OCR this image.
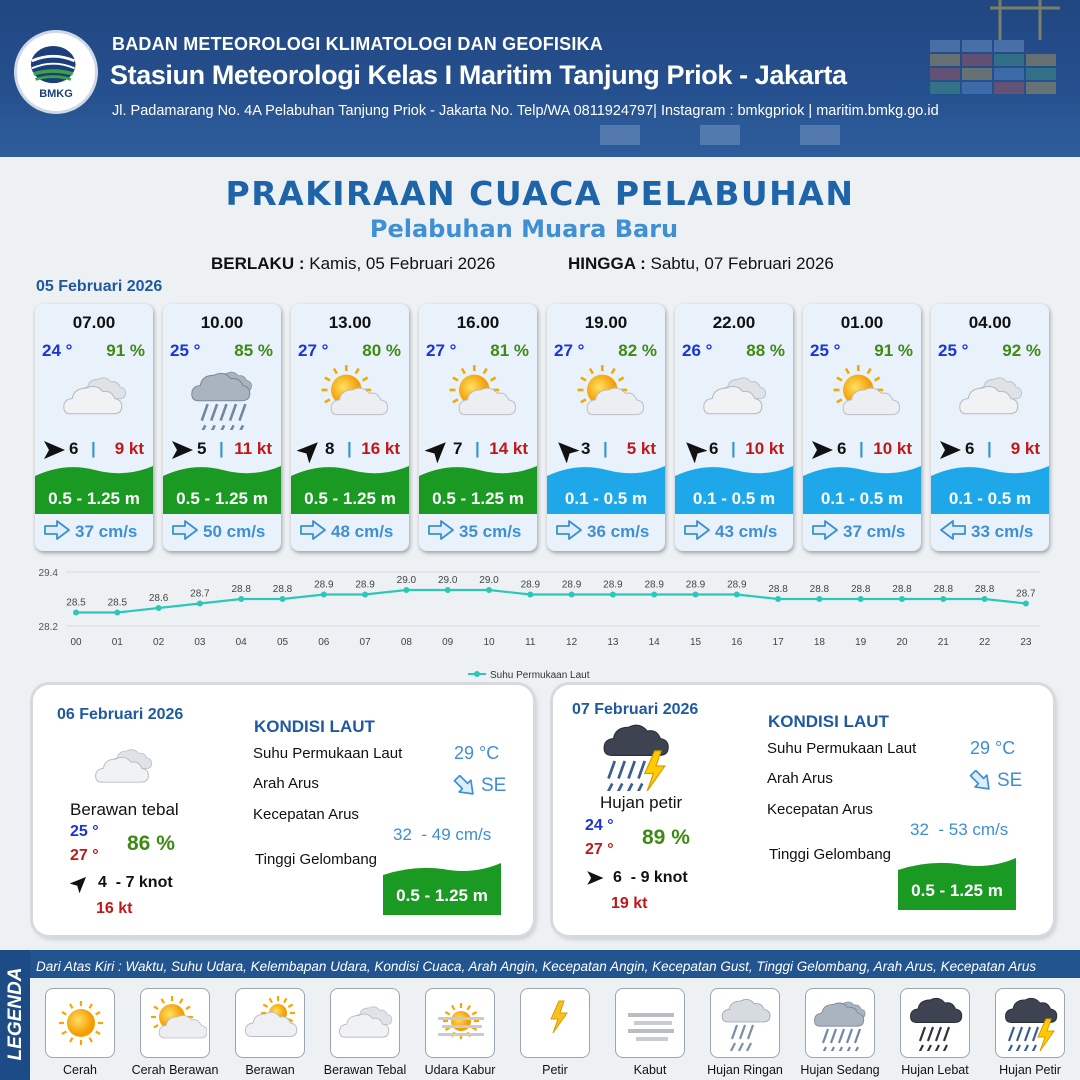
BMKG
BADAN METEOROLOGI KLIMATOLOGI DAN GEOFISIKA
Stasiun Meteorologi Kelas I Maritim Tanjung Priok - Jakarta
Jl. Padamarang No. 4A Pelabuhan Tanjung Priok - Jakarta No. Telp/WA 0811924797| Instagram : bmkgpriok | maritim.bmkg.go.id
PRAKIRAAN CUACA PELABUHAN
Pelabuhan Muara Baru
BERLAKU : Kamis, 05 Februari 2026	HINGGA : Sabtu, 07 Februari 2026
05 Februari 2026
07.00
24 ° 91 %
6 | 9 kt
0.5 - 1.25 m
37 cm/s
10.00
25 ° 85 %
5 | 11 kt
0.5 - 1.25 m
50 cm/s
13.00
27 ° 80 %
8 | 16 kt
0.5 - 1.25 m
48 cm/s
16.00
27 ° 81 %
7 | 14 kt
0.5 - 1.25 m
35 cm/s
19.00
27 ° 82 %
3 | 5 kt
0.1 - 0.5 m
36 cm/s
22.00
26 ° 88 %
6 | 10 kt
0.1 - 0.5 m
43 cm/s
01.00
25 ° 91 %
6 | 10 kt
0.1 - 0.5 m
37 cm/s
04.00
25 ° 92 %
6 | 9 kt
0.1 - 0.5 m
33 cm/s
29.4
28.2
28.5 28.5 28.6 28.7 28.8 28.8 28.9 28.9 29.0 29.0 29.0 28.9 28.9 28.9 28.9 28.9 28.9 28.8 28.8 28.8 28.8 28.8 28.8 28.7
00	01	02	03	04	05	06	07	08	09	10	11	12	13	14	15	16	17	18	19	20	21	22	23
Suhu Permukaan Laut
06 Februari 2026
Berawan tebal
25 °
27 °
86 %
4  - 7 knot
16 kt
KONDISI LAUT
Suhu Permukaan Laut	29 °C
Arah Arus	SE
Kecepatan Arus
32  - 49 cm/s
Tinggi Gelombang
0.5 - 1.25 m
07 Februari 2026
Hujan petir
24 °
27 °
89 %
6  - 9 knot
19 kt
KONDISI LAUT
Suhu Permukaan Laut	29 °C
Arah Arus	SE
Kecepatan Arus
32  - 53 cm/s
Tinggi Gelombang
0.5 - 1.25 m
LEGENDA
Dari Atas Kiri : Waktu, Suhu Udara, Kelembapan Udara, Kondisi Cuaca, Arah Angin, Kecepatan Angin, Kecepatan Gust, Tinggi Gelombang, Arah Arus, Kecepatan Arus
Cerah	Cerah Berawan	Berawan	Berawan Tebal	Udara Kabur	Petir	Kabut	Hujan Ringan	Hujan Sedang	Hujan Lebat	Hujan Petir
